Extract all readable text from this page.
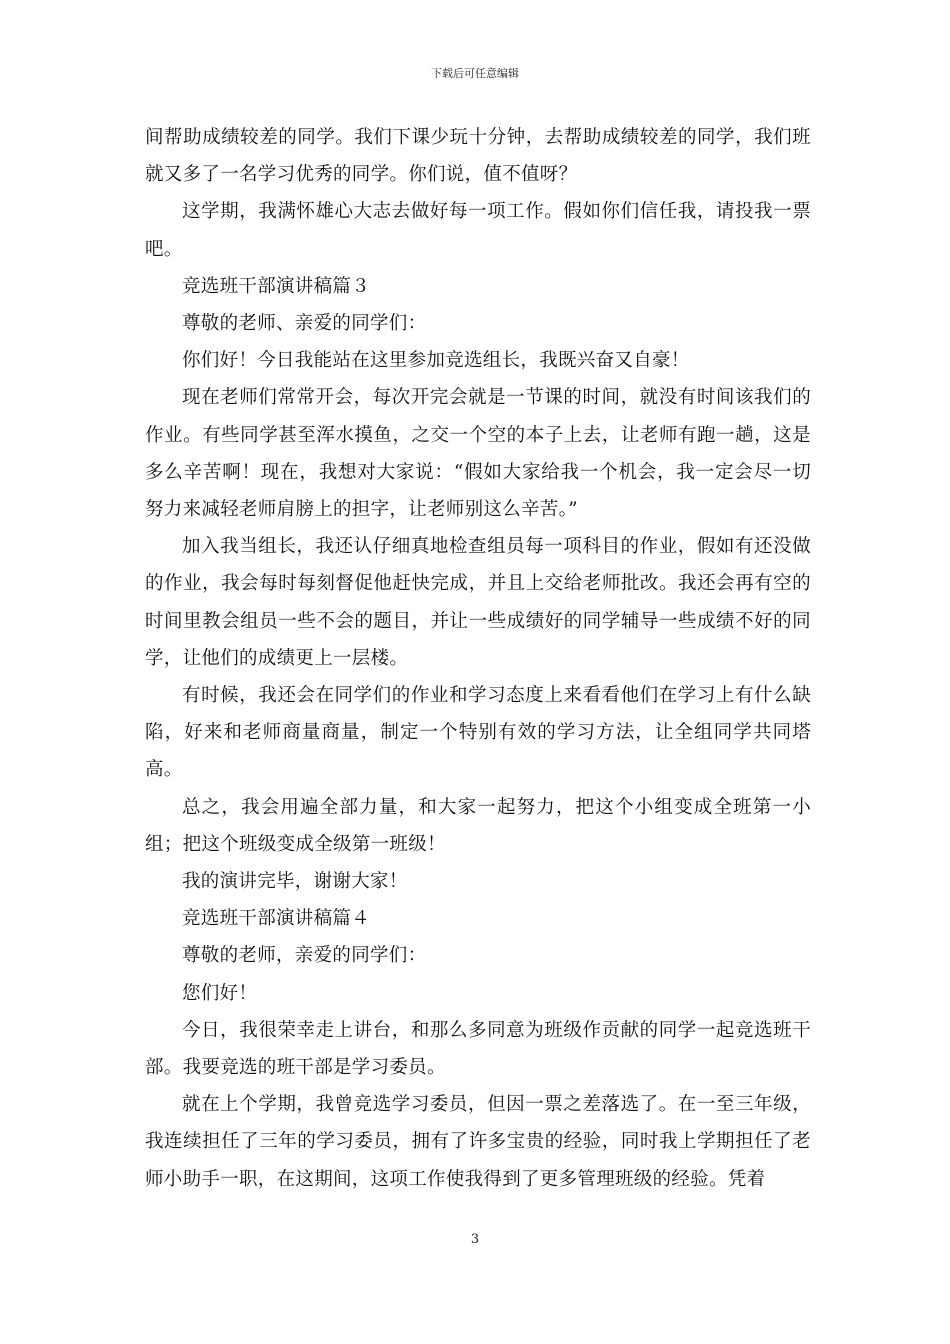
下载后可任意编辑

间帮助成绩较差的同学。我们下课少玩十分钟，去帮助成绩较差的同学，我们班就又多了一名学习优秀的同学。你们说，值不值呀？

这学期，我满怀雄心大志去做好每一项工作。假如你们信任我，请投我一票吧。

竞选班干部演讲稿篇３

尊敬的老师、亲爱的同学们：

你们好！今日我能站在这里参加竞选组长，我既兴奋又自豪！

现在老师们常常开会，每次开完会就是一节课的时间，就没有时间该我们的作业。有些同学甚至浑水摸鱼，之交一个空的本子上去，让老师有跑一趟，这是多么辛苦啊！现在，我想对大家说：“假如大家给我一个机会，我一定会尽一切努力来减轻老师肩膀上的担字，让老师别这么辛苦。”

加入我当组长，我还认仔细真地检查组员每一项科目的作业，假如有还没做的作业，我会每时每刻督促他赶快完成，并且上交给老师批改。我还会再有空的时间里教会组员一些不会的题目，并让一些成绩好的同学辅导一些成绩不好的同学，让他们的成绩更上一层楼。

有时候，我还会在同学们的作业和学习态度上来看看他们在学习上有什么缺陷，好来和老师商量商量，制定一个特别有效的学习方法，让全组同学共同塔高。

总之，我会用遍全部力量，和大家一起努力，把这个小组变成全班第一小组；把这个班级变成全级第一班级！

我的演讲完毕，谢谢大家！

竞选班干部演讲稿篇４

尊敬的老师，亲爱的同学们：

您们好！

今日，我很荣幸走上讲台，和那么多同意为班级作贡献的同学一起竞选班干部。我要竞选的班干部是学习委员。

就在上个学期，我曾竞选学习委员，但因一票之差落选了。在一至三年级，我连续担任了三年的学习委员，拥有了许多宝贵的经验，同时我上学期担任了老师小助手一职，在这期间，这项工作使我得到了更多管理班级的经验。凭着

3
